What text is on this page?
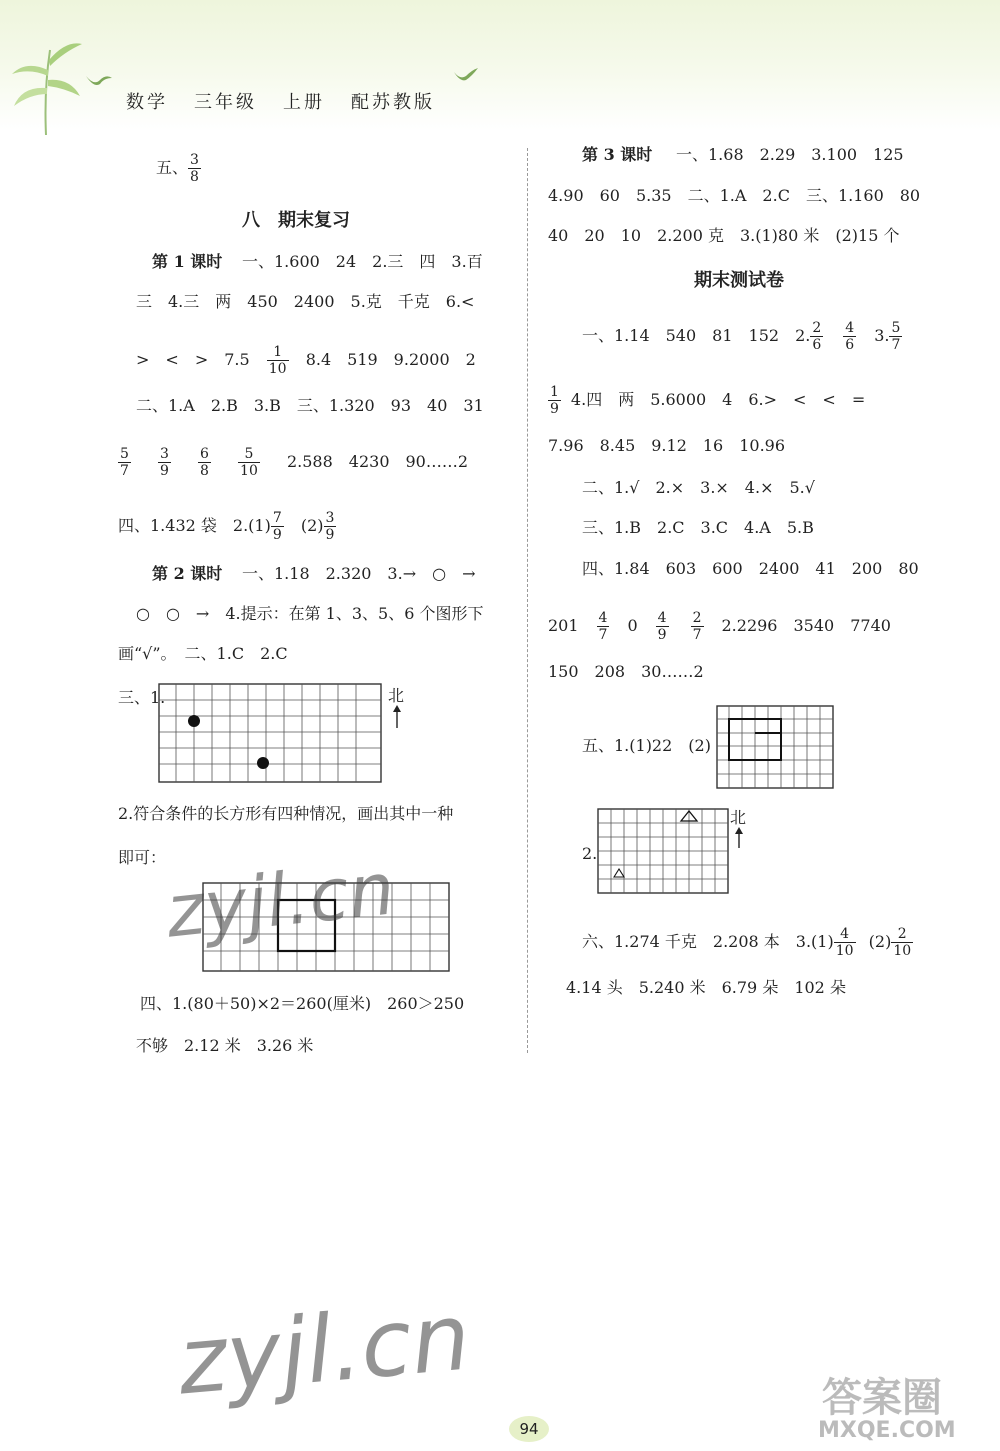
数学 三年级 上册 配苏教版
五、 $\frac{3}{8}$
八　期末复习
第 1 课时 一、1.600　24　2.三　四　3.百
三　4.三　两　450　2400　5.克　千克　6.<
>　<　>　$7.5 \frac{1}{10} 8.4$　519　9.2000　2
二、1.A　2.B　3.B　三、1.320　93　40　31
$\frac{5}{7}$
$\frac{3}{9}$
$\frac{6}{8}$
$\frac{5}{10} 2.588$　4230　90……2
四、1.432 袋　$2.(1) \frac{7}{9} (2) \frac{3}{9}$
第 2 课时 一、1.18　2.320　3.→　○　→
○　○　→　4.提示：在第 1、3、5、6 个图形下
画“√”。　二、1.C　2.C
三、1.	北
2.符合条件的长方形有四种情况，画出其中一种
即可：
zyjl.cn
四、1.(80＋50)×2＝260(厘米)　260＞250
不够　2.12 米　3.26 米
第 3 课时 一、1.68　2.29　3.100　125
4.90　60　5.35　二、1.A　2.C　三、1.160　80
40　20　10　2.200 克　3.(1)80 米　(2)15 个
期末测试卷
一、1.14　540　81　152　2. $\frac{2}{6} \frac{4}{6} 3$. $\frac{5}{7}$
$\frac{1}{9} 4$.四　两　5.6000　4　6.>　<　<　=
7.96　8.45　9.12　16　10.96
二、1.√　2.×　3.×　4.×　5.√
三、1.B　2.C　3.C　4.A　5.B
四、1.84　603　600　2400　41　200　80
$201 \frac{4}{7} 0 \frac{4}{9} \frac{2}{7} 2.2296$　3540　7740
150　208　30……2
五、1.(1)22　(2)
2.
北
六、1.274 千克　2.208 本　$3.(1) \frac{4}{10} (2) \frac{2}{10}$
4.14 头　5.240 米　6.79 朵　102 朵
zyjl.cn	答案圈
MXQE.COM
94
